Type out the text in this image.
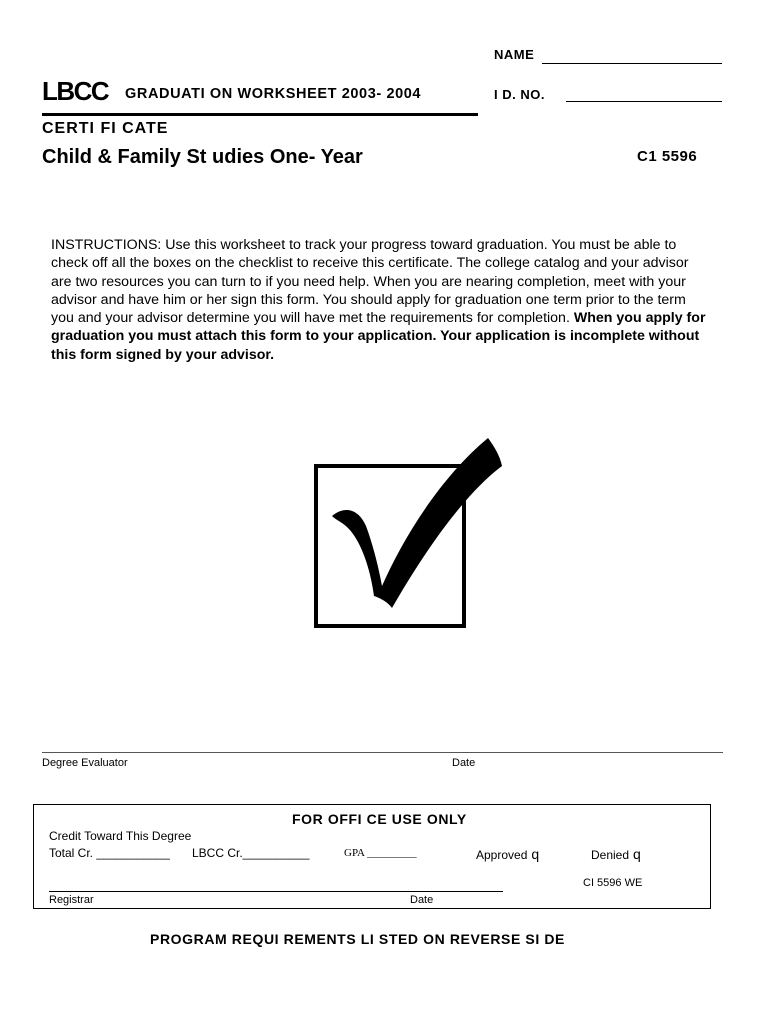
NAME
I D. NO.
LBCC GRADUATI ON WORKSHEET 2003- 2004
CERTI FI CATE
Child & Family St udies One- Year	C1 5596
INSTRUCTIONS: Use this worksheet to track your progress toward graduation. You must be able to check off all the boxes on the checklist to receive this certificate. The college catalog and your advisor are two resources you can turn to if you need help. When you are nearing completion, meet with your advisor and have him or her sign this form. You should apply for graduation one term prior to the term you and your advisor determine you will have met the requirements for completion. When you apply for graduation you must attach this form to your application. Your application is incomplete without this form signed by your advisor.
Degree Evaluator	Date
FOR OFFI CE USE ONLY
Credit Toward This Degree
Total Cr. ___________ LBCC Cr.__________	GPA _________	Approved q	Denied q
CI 5596 WE
Registrar	Date
PROGRAM REQUI REMENTS LI STED ON REVERSE SI DE
